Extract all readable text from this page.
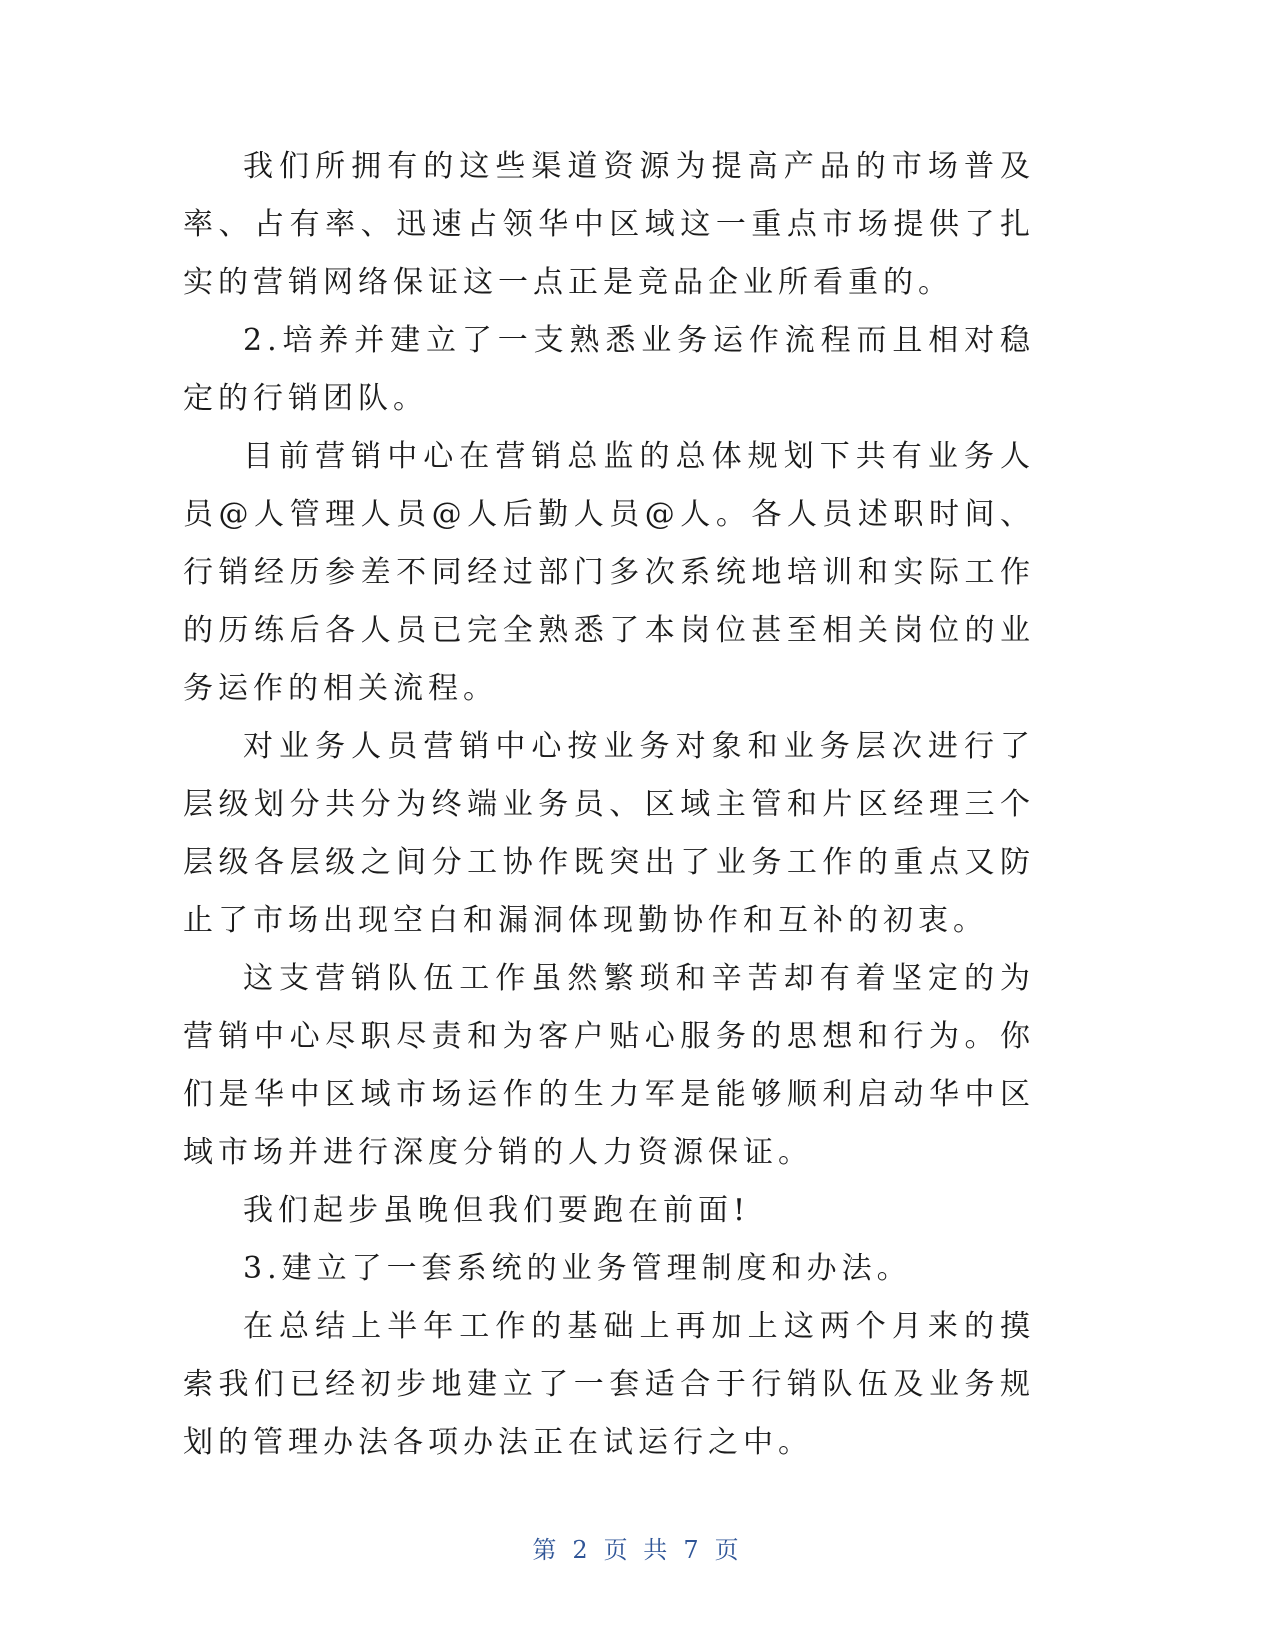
我们所拥有的这些渠道资源为提高产品的市场普及率、占有率、迅速占领华中区域这一重点市场提供了扎实的营销网络保证这一点正是竞品企业所看重的。

2.培养并建立了一支熟悉业务运作流程而且相对稳定的行销团队。

目前营销中心在营销总监的总体规划下共有业务人员@人管理人员@人后勤人员@人。各人员述职时间、行销经历参差不同经过部门多次系统地培训和实际工作的历练后各人员已完全熟悉了本岗位甚至相关岗位的业务运作的相关流程。

对业务人员营销中心按业务对象和业务层次进行了层级划分共分为终端业务员、区域主管和片区经理三个层级各层级之间分工协作既突出了业务工作的重点又防止了市场出现空白和漏洞体现勤协作和互补的初衷。

这支营销队伍工作虽然繁琐和辛苦却有着坚定的为营销中心尽职尽责和为客户贴心服务的思想和行为。你们是华中区域市场运作的生力军是能够顺利启动华中区域市场并进行深度分销的人力资源保证。

我们起步虽晚但我们要跑在前面!

3.建立了一套系统的业务管理制度和办法。

在总结上半年工作的基础上再加上这两个月来的摸索我们已经初步地建立了一套适合于行销队伍及业务规划的管理办法各项办法正在试运行之中。

第 2 页 共 7 页
